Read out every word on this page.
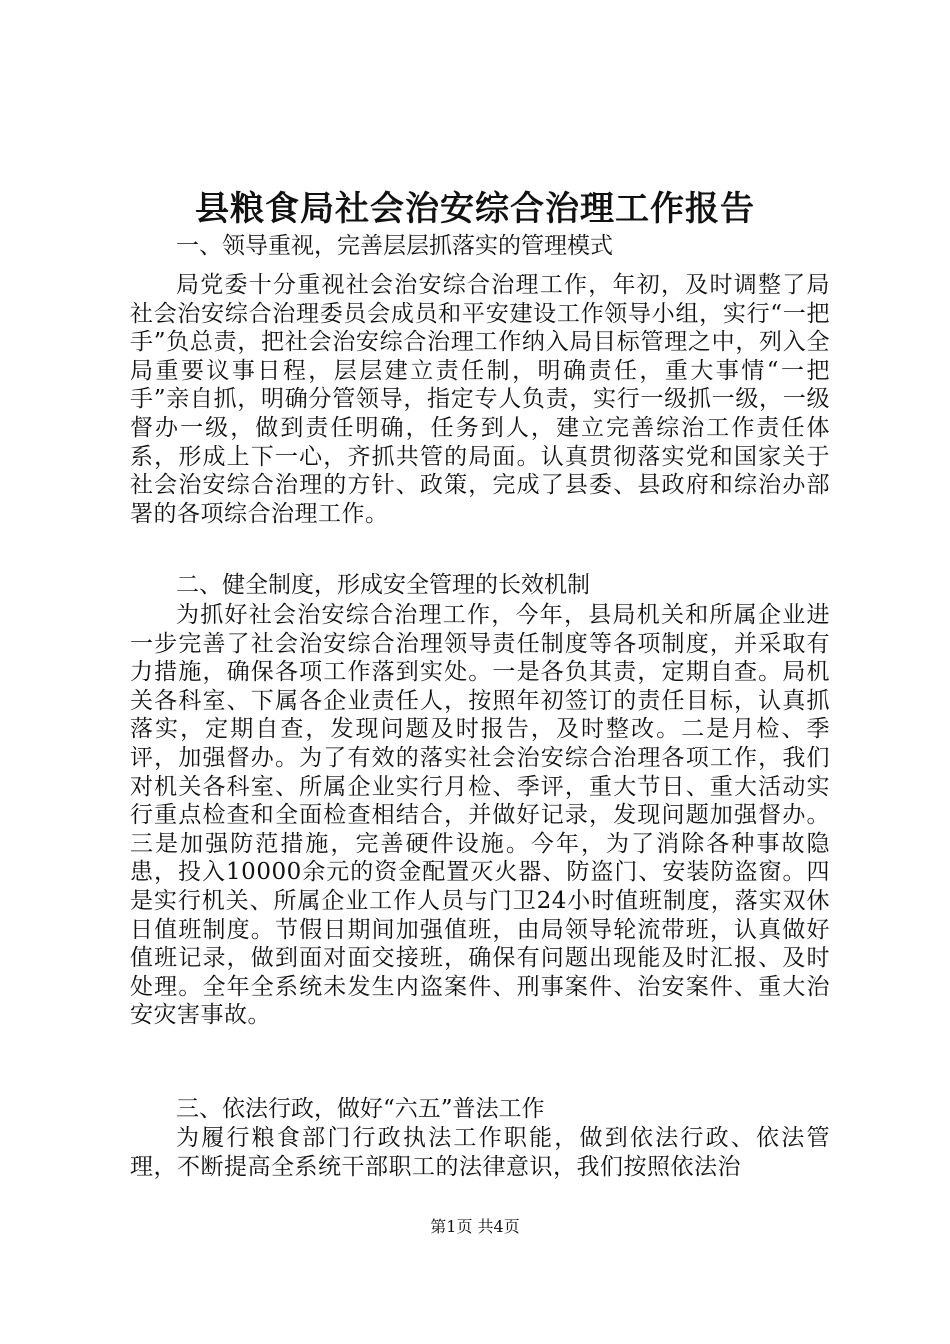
县粮食局社会治安综合治理工作报告

一、领导重视，完善层层抓落实的管理模式

局党委十分重视社会治安综合治理工作，年初，及时调整了局社会治安综合治理委员会成员和平安建设工作领导小组，实行“一把手”负总责，把社会治安综合治理工作纳入局目标管理之中，列入全局重要议事日程，层层建立责任制，明确责任，重大事情“一把手”亲自抓，明确分管领导，指定专人负责，实行一级抓一级，一级督办一级，做到责任明确，任务到人，建立完善综治工作责任体系，形成上下一心，齐抓共管的局面。认真贯彻落实党和国家关于社会治安综合治理的方针、政策，完成了县委、县政府和综治办部署的各项综合治理工作。

二、健全制度，形成安全管理的长效机制

为抓好社会治安综合治理工作，今年，县局机关和所属企业进一步完善了社会治安综合治理领导责任制度等各项制度，并采取有力措施，确保各项工作落到实处。一是各负其责，定期自查。局机关各科室、下属各企业责任人，按照年初签订的责任目标，认真抓落实，定期自查，发现问题及时报告，及时整改。二是月检、季评，加强督办。为了有效的落实社会治安综合治理各项工作，我们对机关各科室、所属企业实行月检、季评，重大节日、重大活动实行重点检查和全面检查相结合，并做好记录，发现问题加强督办。三是加强防范措施，完善硬件设施。今年，为了消除各种事故隐患，投入10000余元的资金配置灭火器、防盗门、安装防盗窗。四是实行机关、所属企业工作人员与门卫24小时值班制度，落实双休日值班制度。节假日期间加强值班，由局领导轮流带班，认真做好值班记录，做到面对面交接班，确保有问题出现能及时汇报、及时处理。全年全系统未发生内盗案件、刑事案件、治安案件、重大治安灾害事故。

三、依法行政，做好“六五”普法工作

为履行粮食部门行政执法工作职能，做到依法行政、依法管理，不断提高全系统干部职工的法律意识，我们按照依法治

第1页 共4页
